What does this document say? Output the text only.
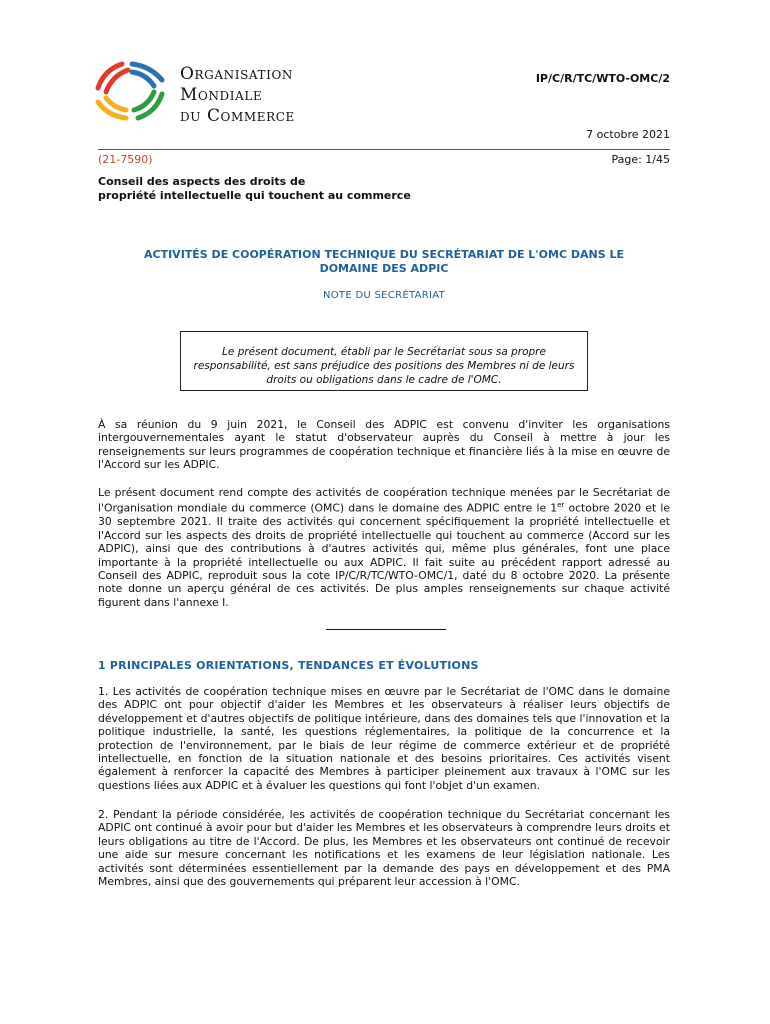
Organisation
Mondiale
du Commerce
IP/C/R/TC/WTO-OMC/2
7 octobre 2021
(21-7590)	Page: 1/45
Conseil des aspects des droits de
propriété intellectuelle qui touchent au commerce
ACTIVITÉS DE COOPÉRATION TECHNIQUE DU SECRÉTARIAT DE L'OMC DANS LE
DOMAINE DES ADPIC
NOTE DU SECRÉTARIAT
Le présent document, établi par le Secrétariat sous sa propre responsabilité, est sans préjudice des positions des Membres ni de leurs droits ou obligations dans le cadre de l'OMC.
À sa réunion du 9 juin 2021, le Conseil des ADPIC est convenu d'inviter les organisations intergouvernementales ayant le statut d'observateur auprès du Conseil à mettre à jour les renseignements sur leurs programmes de coopération technique et financière liés à la mise en œuvre de l'Accord sur les ADPIC.
Le présent document rend compte des activités de coopération technique menées par le Secrétariat de l'Organisation mondiale du commerce (OMC) dans le domaine des ADPIC entre le 1er octobre 2020 et le 30 septembre 2021. Il traite des activités qui concernent spécifiquement la propriété intellectuelle et l'Accord sur les aspects des droits de propriété intellectuelle qui touchent au commerce (Accord sur les ADPIC), ainsi que des contributions à d'autres activités qui, même plus générales, font une place importante à la propriété intellectuelle ou aux ADPIC. Il fait suite au précédent rapport adressé au Conseil des ADPIC, reproduit sous la cote IP/C/R/TC/WTO-OMC/1, daté du 8 octobre 2020. La présente note donne un aperçu général de ces activités. De plus amples renseignements sur chaque activité figurent dans l'annexe I.
1 PRINCIPALES ORIENTATIONS, TENDANCES ET ÉVOLUTIONS
1. Les activités de coopération technique mises en œuvre par le Secrétariat de l'OMC dans le domaine des ADPIC ont pour objectif d'aider les Membres et les observateurs à réaliser leurs objectifs de développement et d'autres objectifs de politique intérieure, dans des domaines tels que l'innovation et la politique industrielle, la santé, les questions réglementaires, la politique de la concurrence et la protection de l'environnement, par le biais de leur régime de commerce extérieur et de propriété intellectuelle, en fonction de la situation nationale et des besoins prioritaires. Ces activités visent également à renforcer la capacité des Membres à participer pleinement aux travaux à l'OMC sur les questions liées aux ADPIC et à évaluer les questions qui font l'objet d'un examen.
2. Pendant la période considérée, les activités de coopération technique du Secrétariat concernant les ADPIC ont continué à avoir pour but d'aider les Membres et les observateurs à comprendre leurs droits et leurs obligations au titre de l'Accord. De plus, les Membres et les observateurs ont continué de recevoir une aide sur mesure concernant les notifications et les examens de leur législation nationale. Les activités sont déterminées essentiellement par la demande des pays en développement et des PMA Membres, ainsi que des gouvernements qui préparent leur accession à l'OMC.
